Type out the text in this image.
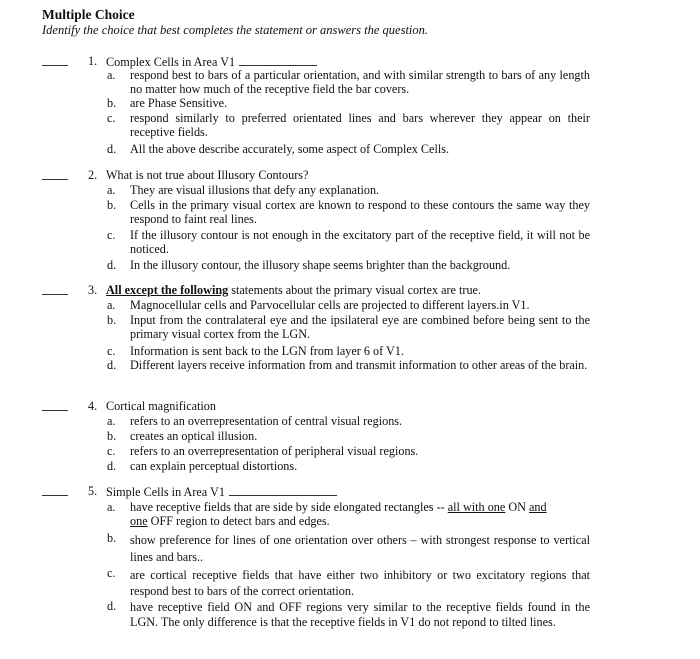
Multiple Choice
Identify the choice that best completes the statement or answers the question.
1. Complex Cells in Area V1
a. respond best to bars of a particular orientation, and with similar strength to bars of any length no matter how much of the receptive field the bar covers.
b. are Phase Sensitive.
c. respond similarly to preferred orientated lines and bars wherever they appear on their receptive fields.
d. All the above describe accurately, some aspect of Complex Cells.
2. What is not true about Illusory Contours?
a. They are visual illusions that defy any explanation.
b. Cells in the primary visual cortex are known to respond to these contours the same way they respond to faint real lines.
c. If the illusory contour is not enough in the excitatory part of the receptive field, it will not be noticed.
d. In the illusory contour, the illusory shape seems brighter than the background.
3. All except the following statements about the primary visual cortex are true.
a. Magnocellular cells and Parvocellular cells are projected to different layers.in V1.
b. Input from the contralateral eye and the ipsilateral eye are combined before being sent to the primary visual cortex from the LGN.
c. Information is sent back to the LGN from layer 6 of V1.
d. Different layers receive information from and transmit information to other areas of the brain.
4. Cortical magnification
a. refers to an overrepresentation of central visual regions.
b. creates an optical illusion.
c. refers to an overrepresentation of peripheral visual regions.
d. can explain perceptual distortions.
5. Simple Cells in Area V1
a. have receptive fields that are side by side elongated rectangles -- all with one ON and
one OFF region to detect bars and edges.
b. show preference for lines of one orientation over others – with strongest response to vertical lines and bars..
c. are cortical receptive fields that have either two inhibitory or two excitatory regions that respond best to bars of the correct orientation.
d. have receptive field ON and OFF regions very similar to the receptive fields found in the LGN. The only difference is that the receptive fields in V1 do not repond to tilted lines.
